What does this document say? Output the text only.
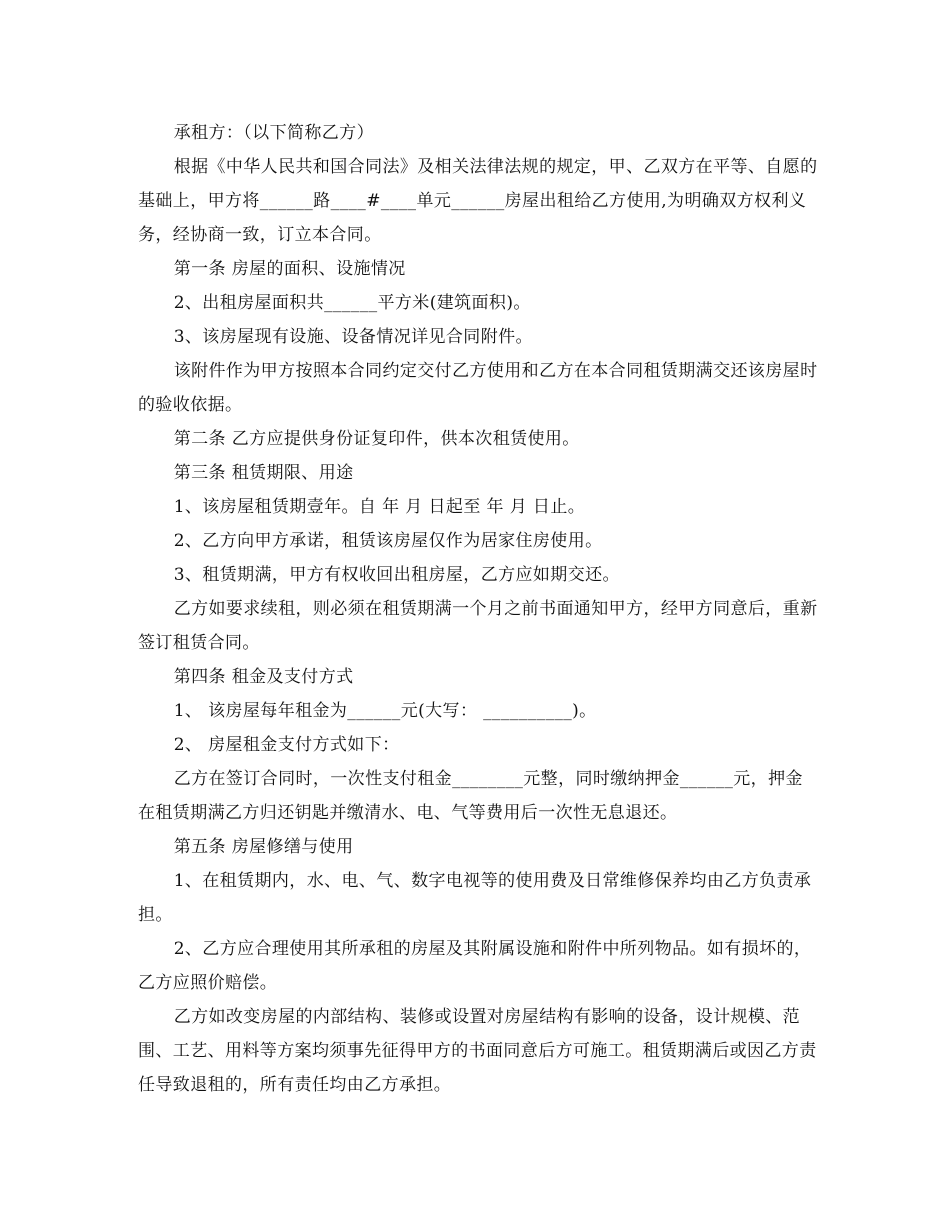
承租方：（以下简称乙方）

根据《中华人民共和国合同法》及相关法律法规的规定，甲、乙双方在平等、自愿的基础上，甲方将______路____#____单元______房屋出租给乙方使用,为明确双方权利义务，经协商一致，订立本合同。

第一条 房屋的面积、设施情况

2、出租房屋面积共______平方米(建筑面积)。

3、该房屋现有设施、设备情况详见合同附件。

该附件作为甲方按照本合同约定交付乙方使用和乙方在本合同租赁期满交还该房屋时的验收依据。

第二条 乙方应提供身份证复印件，供本次租赁使用。

第三条 租赁期限、用途

1、该房屋租赁期壹年。自 年 月 日起至 年 月 日止。

2、乙方向甲方承诺，租赁该房屋仅作为居家住房使用。

3、租赁期满，甲方有权收回出租房屋，乙方应如期交还。

乙方如要求续租，则必须在租赁期满一个月之前书面通知甲方，经甲方同意后，重新签订租赁合同。

第四条 租金及支付方式

1、 该房屋每年租金为______元(大写： __________)。

2、 房屋租金支付方式如下：

乙方在签订合同时，一次性支付租金________元整，同时缴纳押金______元，押金在租赁期满乙方归还钥匙并缴清水、电、气等费用后一次性无息退还。

第五条 房屋修缮与使用

1、在租赁期内，水、电、气、数字电视等的使用费及日常维修保养均由乙方负责承担。

2、乙方应合理使用其所承租的房屋及其附属设施和附件中所列物品。如有损坏的，乙方应照价赔偿。

乙方如改变房屋的内部结构、装修或设置对房屋结构有影响的设备，设计规模、范围、工艺、用料等方案均须事先征得甲方的书面同意后方可施工。租赁期满后或因乙方责任导致退租的，所有责任均由乙方承担。
